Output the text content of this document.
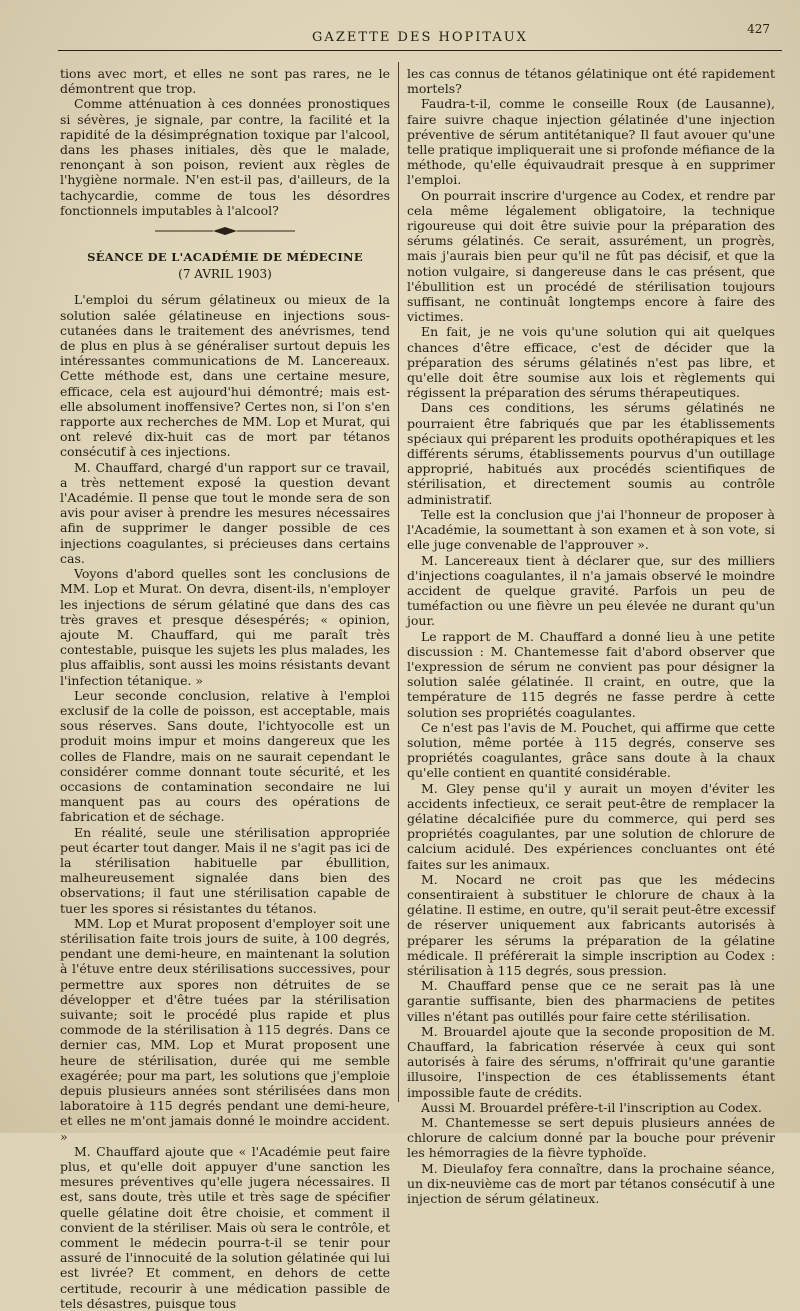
GAZETTE DES HOPITAUX
427

tions avec mort, et elles ne sont pas rares, ne le démontrent que trop.

Comme atténuation à ces données pronostiques si sévères, je signale, par contre, la facilité et la rapidité de la désimprégnation toxique par l'alcool, dans les phases initiales, dès que le malade, renonçant à son poison, revient aux règles de l'hygiène normale. N'en est-il pas, d'ailleurs, de la tachycardie, comme de tous les désordres fonctionnels imputables à l'alcool?

SÉANCE DE L'ACADÉMIE DE MÉDECINE
(7 AVRIL 1903)

L'emploi du sérum gélatineux ou mieux de la solution salée gélatineuse en injections sous-cutanées dans le traitement des anévrismes, tend de plus en plus à se généraliser surtout depuis les intéressantes communications de M. Lancereaux. Cette méthode est, dans une certaine mesure, efficace, cela est aujourd'hui démontré; mais est-elle absolument inoffensive? Certes non, si l'on s'en rapporte aux recherches de MM. Lop et Murat, qui ont relevé dix-huit cas de mort par tétanos consécutif à ces injections.

M. Chauffard, chargé d'un rapport sur ce travail, a très nettement exposé la question devant l'Académie. Il pense que tout le monde sera de son avis pour aviser à prendre les mesures nécessaires afin de supprimer le danger possible de ces injections coagulantes, si précieuses dans certains cas.

Voyons d'abord quelles sont les conclusions de MM. Lop et Murat. On devra, disent-ils, n'employer les injections de sérum gélatiné que dans des cas très graves et presque désespérés; « opinion, ajoute M. Chauffard, qui me paraît très contestable, puisque les sujets les plus malades, les plus affaiblis, sont aussi les moins résistants devant l'infection tétanique. »

Leur seconde conclusion, relative à l'emploi exclusif de la colle de poisson, est acceptable, mais sous réserves. Sans doute, l'ichtyocolle est un produit moins impur et moins dangereux que les colles de Flandre, mais on ne saurait cependant le considérer comme donnant toute sécurité, et les occasions de contamination secondaire ne lui manquent pas au cours des opérations de fabrication et de séchage.

En réalité, seule une stérilisation appropriée peut écarter tout danger. Mais il ne s'agit pas ici de la stérilisation habituelle par ébullition, malheureusement signalée dans bien des observations; il faut une stérilisation capable de tuer les spores si résistantes du tétanos.

MM. Lop et Murat proposent d'employer soit une stérilisation faite trois jours de suite, à 100 degrés, pendant une demi-heure, en maintenant la solution à l'étuve entre deux stérilisations successives, pour permettre aux spores non détruites de se développer et d'être tuées par la stérilisation suivante; soit le procédé plus rapide et plus commode de la stérilisation à 115 degrés. Dans ce dernier cas, MM. Lop et Murat proposent une heure de stérilisation, durée qui me semble exagérée; pour ma part, les solutions que j'emploie depuis plusieurs années sont stérilisées dans mon laboratoire à 115 degrés pendant une demi-heure, et elles ne m'ont jamais donné le moindre accident. »

M. Chauffard ajoute que « l'Académie peut faire plus, et qu'elle doit appuyer d'une sanction les mesures préventives qu'elle jugera nécessaires. Il est, sans doute, très utile et très sage de spécifier quelle gélatine doit être choisie, et comment il convient de la stériliser. Mais où sera le contrôle, et comment le médecin pourra-t-il se tenir pour assuré de l'innocuité de la solution gélatinée qui lui est livrée? Et comment, en dehors de cette certitude, recourir à une médication passible de tels désastres, puisque tous

les cas connus de tétanos gélatinique ont été rapidement mortels?

Faudra-t-il, comme le conseille Roux (de Lausanne), faire suivre chaque injection gélatinée d'une injection préventive de sérum antitétanique? Il faut avouer qu'une telle pratique impliquerait une si profonde méfiance de la méthode, qu'elle équivaudrait presque à en supprimer l'emploi.

On pourrait inscrire d'urgence au Codex, et rendre par cela même légalement obligatoire, la technique rigoureuse qui doit être suivie pour la préparation des sérums gélatinés. Ce serait, assurément, un progrès, mais j'aurais bien peur qu'il ne fût pas décisif, et que la notion vulgaire, si dangereuse dans le cas présent, que l'ébullition est un procédé de stérilisation toujours suffisant, ne continuât longtemps encore à faire des victimes.

En fait, je ne vois qu'une solution qui ait quelques chances d'être efficace, c'est de décider que la préparation des sérums gélatinés n'est pas libre, et qu'elle doit être soumise aux lois et règlements qui régissent la préparation des sérums thérapeutiques.

Dans ces conditions, les sérums gélatinés ne pourraient être fabriqués que par les établissements spéciaux qui préparent les produits opothérapiques et les différents sérums, établissements pourvus d'un outillage approprié, habitués aux procédés scientifiques de stérilisation, et directement soumis au contrôle administratif.

Telle est la conclusion que j'ai l'honneur de proposer à l'Académie, la soumettant à son examen et à son vote, si elle juge convenable de l'approuver ».

M. Lancereaux tient à déclarer que, sur des milliers d'injections coagulantes, il n'a jamais observé le moindre accident de quelque gravité. Parfois un peu de tuméfaction ou une fièvre un peu élevée ne durant qu'un jour.

Le rapport de M. Chauffard a donné lieu à une petite discussion : M. Chantemesse fait d'abord observer que l'expression de sérum ne convient pas pour désigner la solution salée gélatinée. Il craint, en outre, que la température de 115 degrés ne fasse perdre à cette solution ses propriétés coagulantes.

Ce n'est pas l'avis de M. Pouchet, qui affirme que cette solution, même portée à 115 degrés, conserve ses propriétés coagulantes, grâce sans doute à la chaux qu'elle contient en quantité considérable.

M. Gley pense qu'il y aurait un moyen d'éviter les accidents infectieux, ce serait peut-être de remplacer la gélatine décalcifiée pure du commerce, qui perd ses propriétés coagulantes, par une solution de chlorure de calcium acidulé. Des expériences concluantes ont été faites sur les animaux.

M. Nocard ne croit pas que les médecins consentiraient à substituer le chlorure de chaux à la gélatine. Il estime, en outre, qu'il serait peut-être excessif de réserver uniquement aux fabricants autorisés à préparer les sérums la préparation de la gélatine médicale. Il préférerait la simple inscription au Codex : stérilisation à 115 degrés, sous pression.

M. Chauffard pense que ce ne serait pas là une garantie suffisante, bien des pharmaciens de petites villes n'étant pas outillés pour faire cette stérilisation.

M. Brouardel ajoute que la seconde proposition de M. Chauffard, la fabrication réservée à ceux qui sont autorisés à faire des sérums, n'offrirait qu'une garantie illusoire, l'inspection de ces établissements étant impossible faute de crédits.

Aussi M. Brouardel préfère-t-il l'inscription au Codex.

M. Chantemesse se sert depuis plusieurs années de chlorure de calcium donné par la bouche pour prévenir les hémorragies de la fièvre typhoïde.

M. Dieulafoy fera connaître, dans la prochaine séance, un dix-neuvième cas de mort par tétanos consécutif à une injection de sérum gélatineux.
